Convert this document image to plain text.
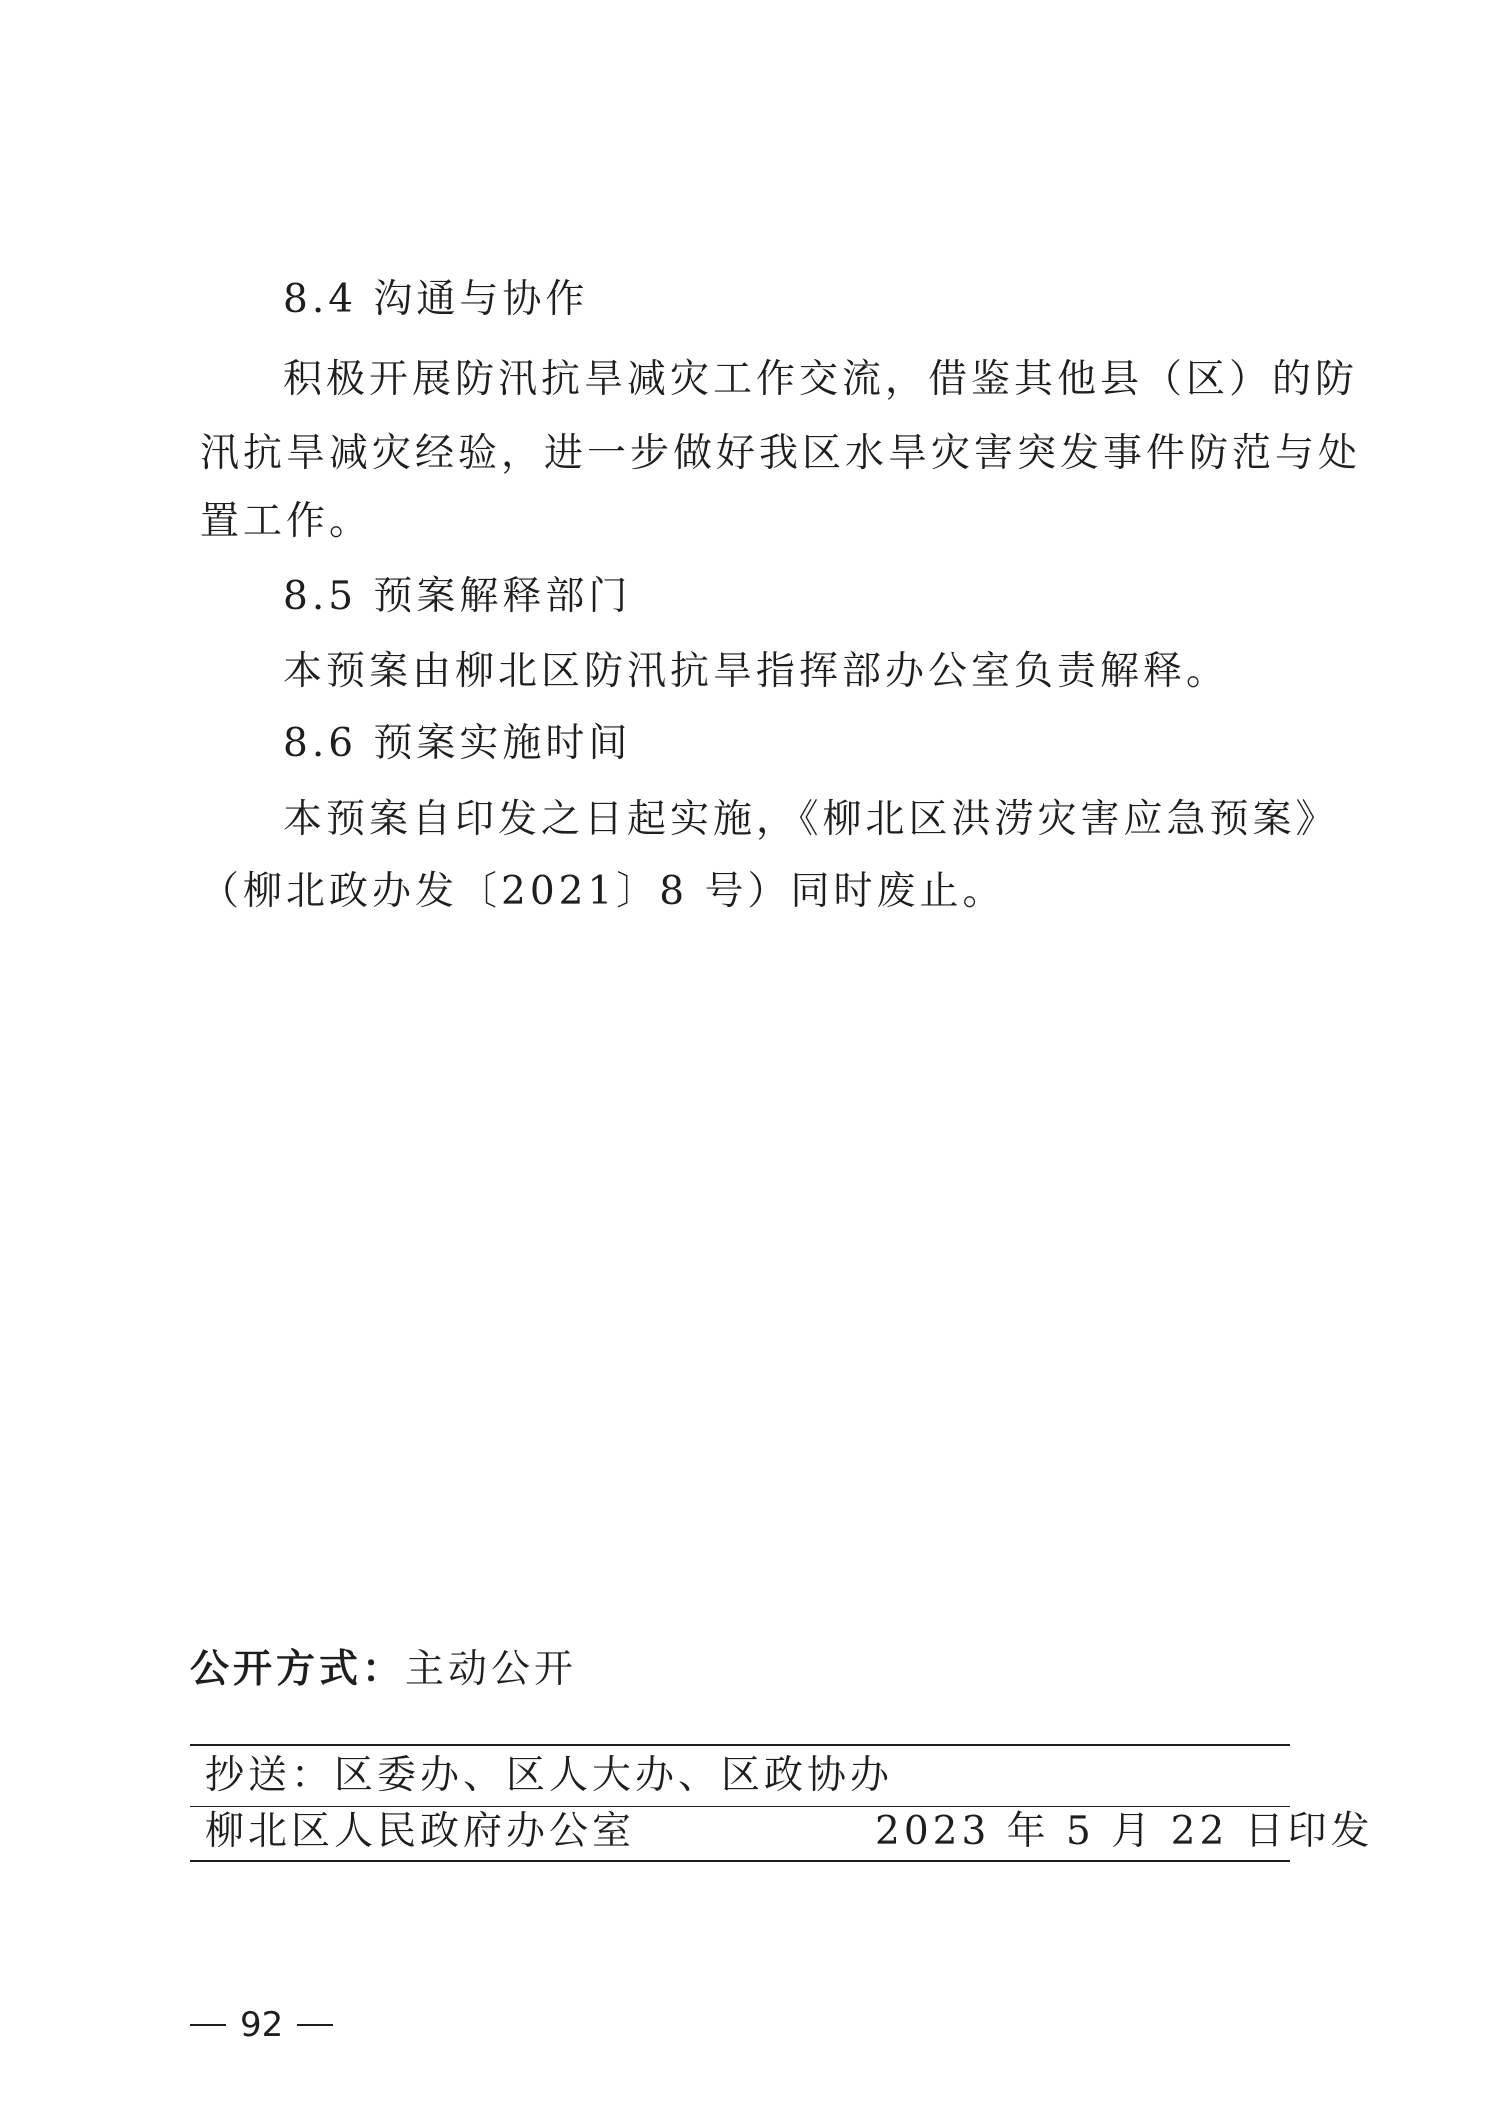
8.4 沟通与协作
积极开展防汛抗旱减灾工作交流，借鉴其他县（区）的防
汛抗旱减灾经验，进一步做好我区水旱灾害突发事件防范与处
置工作。
8.5 预案解释部门
本预案由柳北区防汛抗旱指挥部办公室负责解释。
8.6 预案实施时间
本预案自印发之日起实施，《柳北区洪涝灾害应急预案》
（柳北政办发〔2021〕8 号）同时废止。
公开方式：主动公开
抄送：区委办、区人大办、区政协办
柳北区人民政府办公室	2023 年 5 月 22 日印发
92
